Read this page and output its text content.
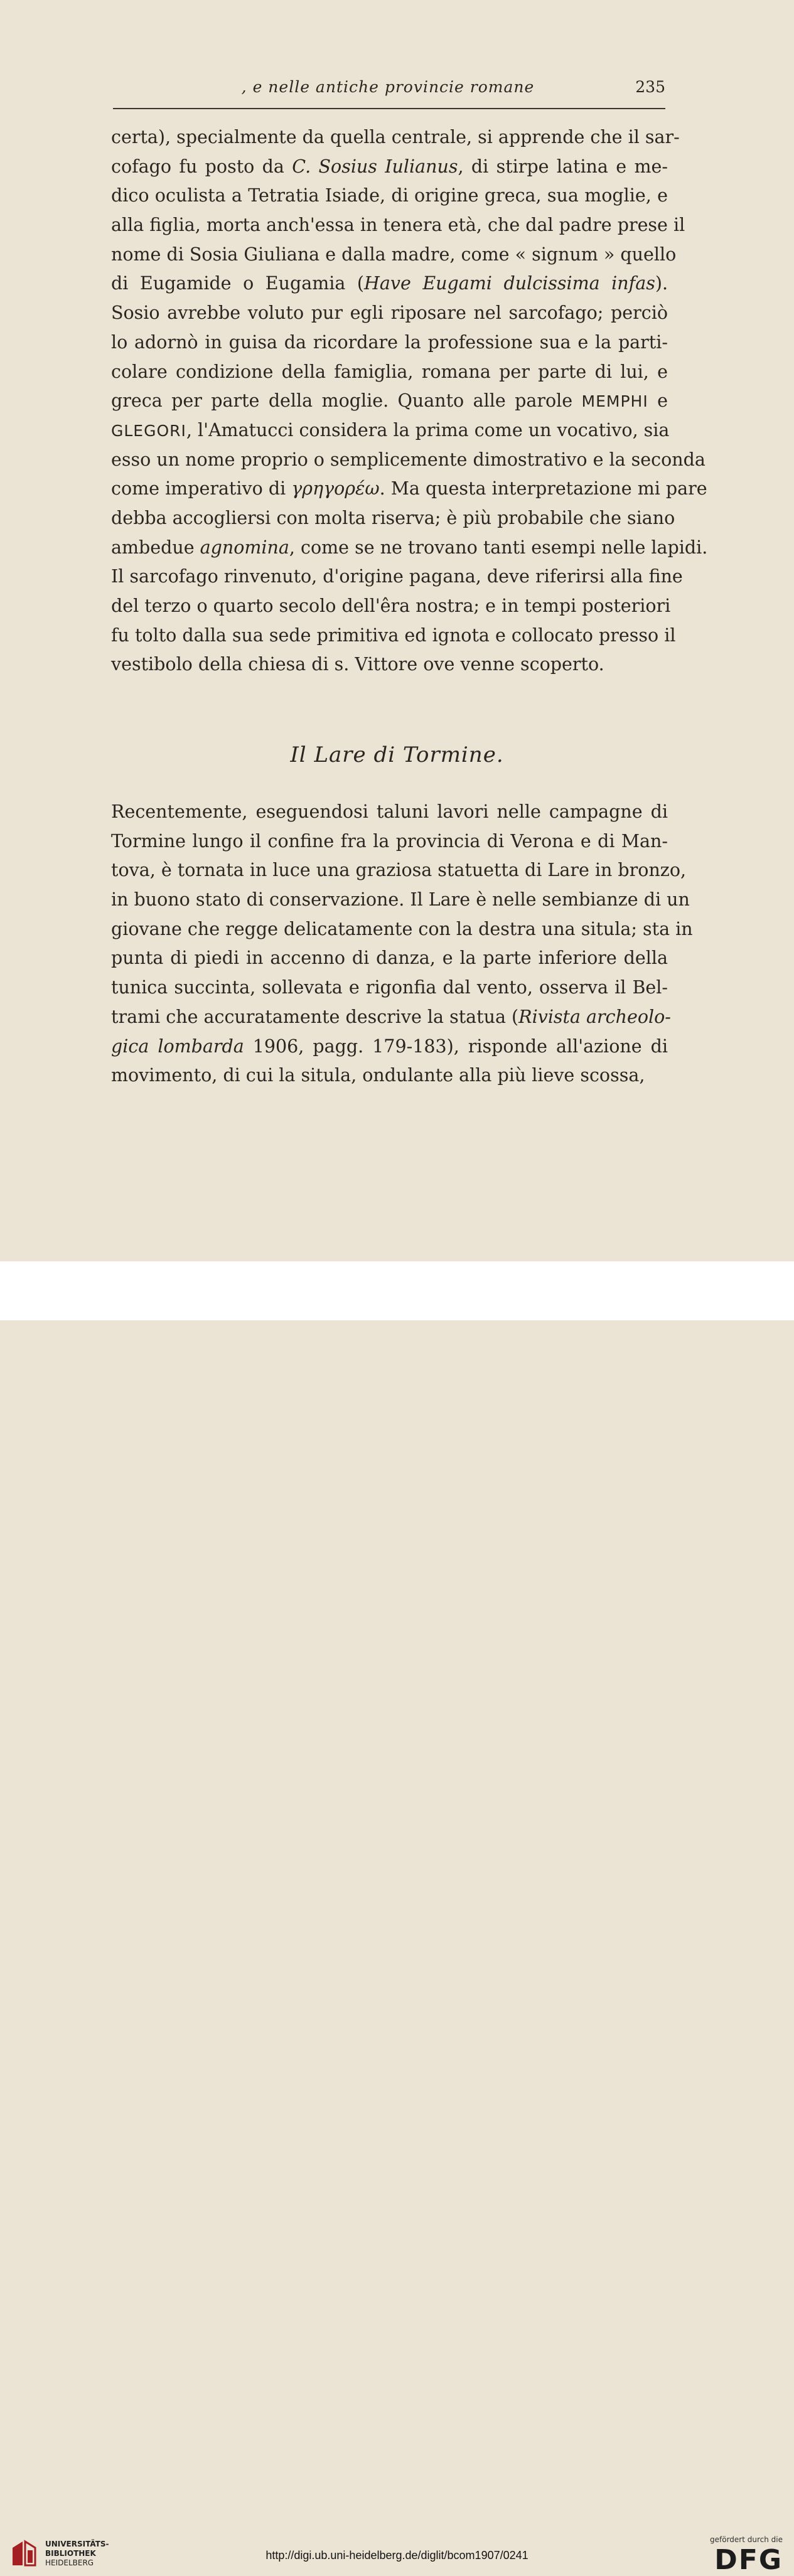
, e nelle antiche provincie romane	235
certa), specialmente da quella centrale, si apprende che il sar-
cofago fu posto da C. Sosius Iulianus, di stirpe latina e me-
dico oculista a Tetratia Isiade, di origine greca, sua moglie, e
alla figlia, morta anch'essa in tenera età, che dal padre prese il
nome di Sosia Giuliana e dalla madre, come « signum » quello
di Eugamide o Eugamia (Have Eugami dulcissima infas).
Sosio avrebbe voluto pur egli riposare nel sarcofago; perciò
lo adornò in guisa da ricordare la professione sua e la parti-
colare condizione della famiglia, romana per parte di lui, e
greca per parte della moglie. Quanto alle parole MEMPHI e
GLEGORI, l'Amatucci considera la prima come un vocativo, sia
esso un nome proprio o semplicemente dimostrativo e la seconda
come imperativo di γρηγορέω. Ma questa interpretazione mi pare
debba accogliersi con molta riserva; è più probabile che siano
ambedue agnomina, come se ne trovano tanti esempi nelle lapidi.
Il sarcofago rinvenuto, d'origine pagana, deve riferirsi alla fine
del terzo o quarto secolo dell'êra nostra; e in tempi posteriori
fu tolto dalla sua sede primitiva ed ignota e collocato presso il
vestibolo della chiesa di s. Vittore ove venne scoperto.
Il Lare di Tormine.
Recentemente, eseguendosi taluni lavori nelle campagne di
Tormine lungo il confine fra la provincia di Verona e di Man-
tova, è tornata in luce una graziosa statuetta di Lare in bronzo,
in buono stato di conservazione. Il Lare è nelle sembianze di un
giovane che regge delicatamente con la destra una situla; sta in
punta di piedi in accenno di danza, e la parte inferiore della
tunica succinta, sollevata e rigonfia dal vento, osserva il Bel-
trami che accuratamente descrive la statua (Rivista archeolo-
gica lombarda 1906, pagg. 179-183), risponde all'azione di
movimento, di cui la situla, ondulante alla più lieve scossa,
UNIVERSITÄTS-
BIBLIOTHEK
HEIDELBERG
http://digi.ub.uni-heidelberg.de/diglit/bcom1907/0241
gefördert durch die
DFG
